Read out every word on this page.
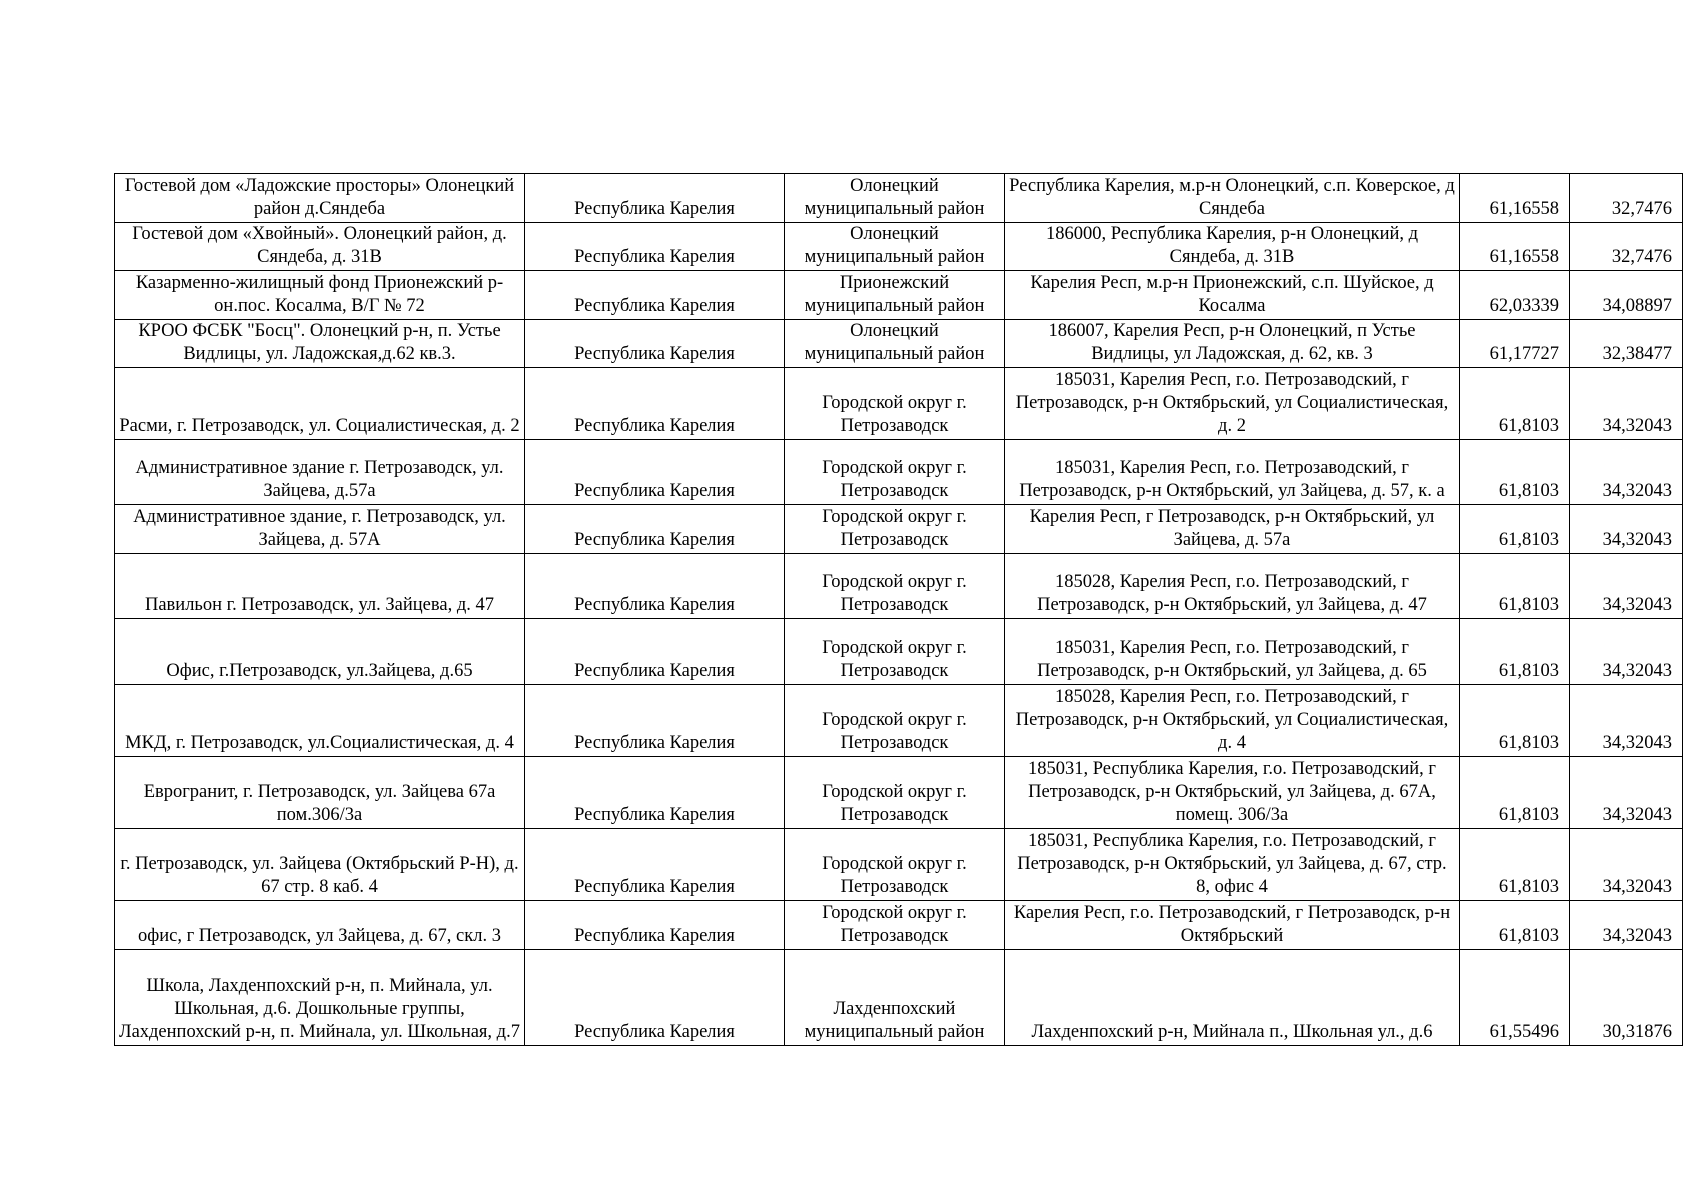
Гостевой дом «Ладожские просторы» Олонецкий район д.Сяндеба	Республика Карелия	Олонецкий муниципальный район	Республика Карелия, м.р-н Олонецкий, с.п. Коверское, д Сяндеба	61,16558	32,7476
Гостевой дом «Хвойный». Олонецкий район, д. Сяндеба, д. 31В	Республика Карелия	Олонецкий муниципальный район	186000, Республика Карелия, р-н Олонецкий, д Сяндеба, д. 31В	61,16558	32,7476
Казарменно-жилищный фонд Прионежский р-он.пос. Косалма, В/Г № 72	Республика Карелия	Прионежский муниципальный район	Карелия Респ, м.р-н Прионежский, с.п. Шуйское, д Косалма	62,03339	34,08897
КРОО ФСБК "Босц". Олонецкий р-н, п. Устье Видлицы, ул. Ладожская,д.62 кв.3.	Республика Карелия	Олонецкий муниципальный район	186007, Карелия Респ, р-н Олонецкий, п Устье Видлицы, ул Ладожская, д. 62, кв. 3	61,17727	32,38477
Расми, г. Петрозаводск, ул. Социалистическая, д. 2	Республика Карелия	Городской округ г. Петрозаводск	185031, Карелия Респ, г.о. Петрозаводский, г Петрозаводск, р-н Октябрьский, ул Социалистическая, д. 2	61,8103	34,32043
Административное здание г. Петрозаводск, ул. Зайцева, д.57а	Республика Карелия	Городской округ г. Петрозаводск	185031, Карелия Респ, г.о. Петрозаводский, г Петрозаводск, р-н Октябрьский, ул Зайцева, д. 57, к. а	61,8103	34,32043
Административное здание, г. Петрозаводск, ул. Зайцева, д. 57А	Республика Карелия	Городской округ г. Петрозаводск	Карелия Респ, г Петрозаводск, р-н Октябрьский, ул Зайцева, д. 57а	61,8103	34,32043
Павильон г. Петрозаводск, ул. Зайцева, д. 47	Республика Карелия	Городской округ г. Петрозаводск	185028, Карелия Респ, г.о. Петрозаводский, г Петрозаводск, р-н Октябрьский, ул Зайцева, д. 47	61,8103	34,32043
Офис, г.Петрозаводск, ул.Зайцева, д.65	Республика Карелия	Городской округ г. Петрозаводск	185031, Карелия Респ, г.о. Петрозаводский, г Петрозаводск, р-н Октябрьский, ул Зайцева, д. 65	61,8103	34,32043
МКД, г. Петрозаводск, ул.Социалистическая, д. 4	Республика Карелия	Городской округ г. Петрозаводск	185028, Карелия Респ, г.о. Петрозаводский, г Петрозаводск, р-н Октябрьский, ул Социалистическая, д. 4	61,8103	34,32043
Еврогранит, г. Петрозаводск, ул. Зайцева 67а пом.306/3а	Республика Карелия	Городской округ г. Петрозаводск	185031, Республика Карелия, г.о. Петрозаводский, г Петрозаводск, р-н Октябрьский, ул Зайцева, д. 67А, помещ. 306/3а	61,8103	34,32043
г. Петрозаводск, ул. Зайцева (Октябрьский Р-Н), д. 67 стр. 8 каб. 4	Республика Карелия	Городской округ г. Петрозаводск	185031, Республика Карелия, г.о. Петрозаводский, г Петрозаводск, р-н Октябрьский, ул Зайцева, д. 67, стр. 8, офис 4	61,8103	34,32043
офис, г Петрозаводск, ул Зайцева, д. 67, скл. 3	Республика Карелия	Городской округ г. Петрозаводск	Карелия Респ, г.о. Петрозаводский, г Петрозаводск, р-н Октябрьский	61,8103	34,32043
Школа, Лахденпохский р-н, п. Мийнала, ул. Школьная, д.6. Дошкольные группы, Лахденпохский р-н, п. Мийнала, ул. Школьная, д.7	Республика Карелия	Лахденпохский муниципальный район	Лахденпохский р-н, Мийнала п., Школьная ул., д.6	61,55496	30,31876
